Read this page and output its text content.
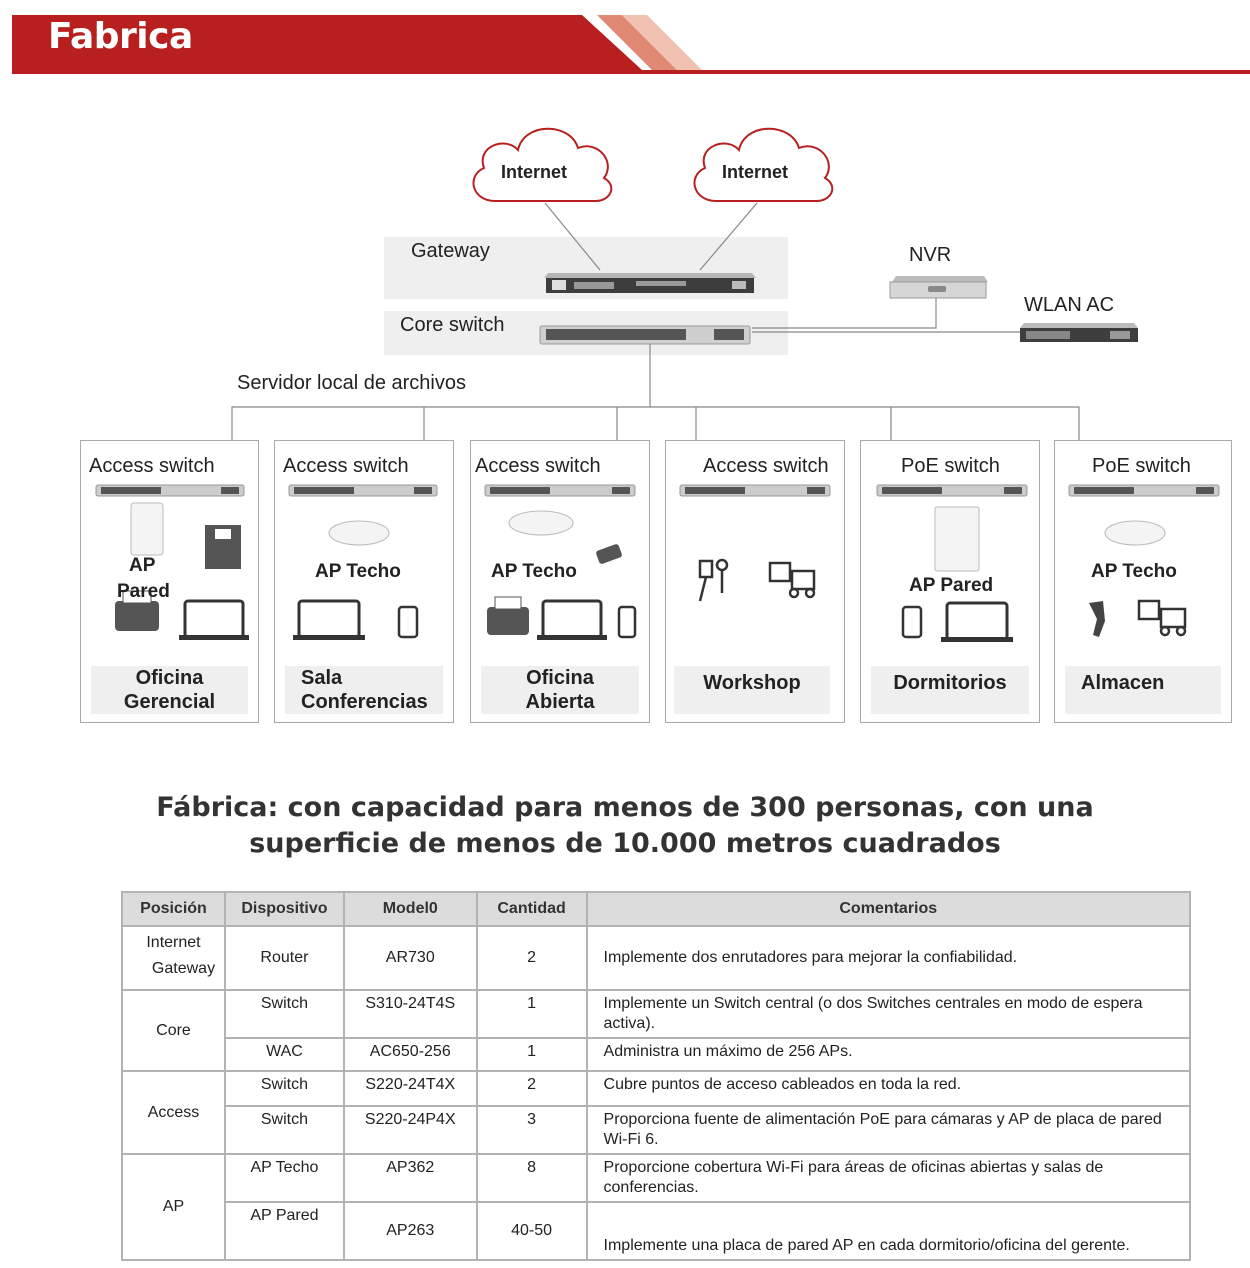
Fabrica
Internet	Internet
Gateway
Core switch
NVR
WLAN AC
Servidor local de archivos
Access switch
AP
Pared
Oficina
Gerencial
Access switch
AP Techo
Sala
Conferencias
Access switch
AP Techo
Oficina
Abierta
Access switch
Workshop
PoE switch
AP Pared
Dormitorios
PoE switch
AP Techo
Almacen
Fábrica: con capacidad para menos de 300 personas, con una
superficie de menos de 10.000 metros cuadrados
Posición	Dispositivo	Model0	Cantidad	Comentarios

Internet
Gateway	Router	AR730	2	Implemente dos enrutadores para mejorar la confiabilidad.
Core	Switch	S310-24T4S	1	Implemente un Switch central (o dos Switches centrales en modo de espera activa).
	WAC	AC650-256	1	Administra un máximo de 256 APs.
Access	Switch	S220-24T4X	2	Cubre puntos de acceso cableados en toda la red.
	Switch	S220-24P4X	3	Proporciona fuente de alimentación PoE para cámaras y AP de placa de pared Wi-Fi 6.
AP	AP Techo	AP362	8	Proporcione cobertura Wi-Fi para áreas de oficinas abiertas y salas de conferencias.
	AP Pared	AP263	40-50	Implemente una placa de pared AP en cada dormitorio/oficina del gerente.
